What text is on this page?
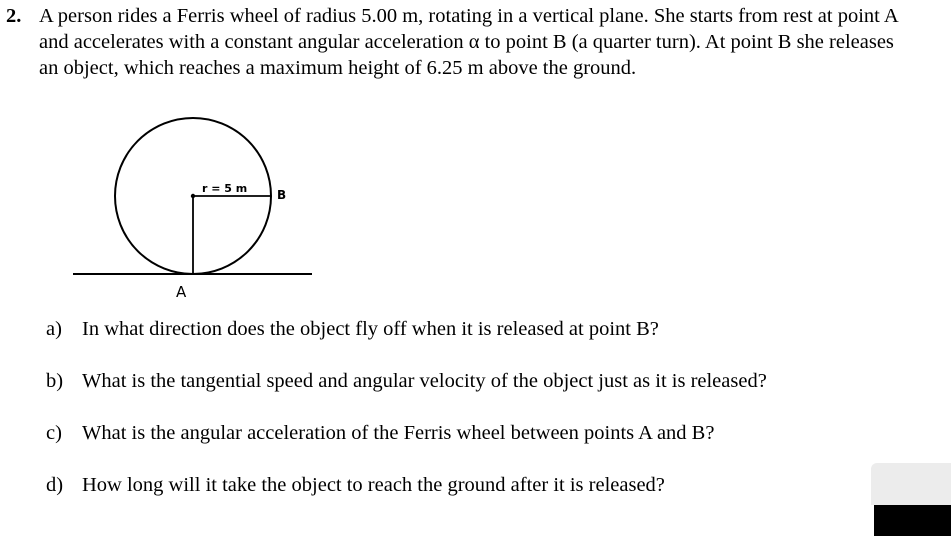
2. A person rides a Ferris wheel of radius 5.00 m, rotating in a vertical plane. She starts from rest at point A and accelerates with a constant angular acceleration α to point B (a quarter turn). At point B she releases an object, which reaches a maximum height of 6.25 m above the ground.
r = 5 m B
A
a) In what direction does the object fly off when it is released at point B?
b) What is the tangential speed and angular velocity of the object just as it is released?
c) What is the angular acceleration of the Ferris wheel between points A and B?
d) How long will it take the object to reach the ground after it is released?
